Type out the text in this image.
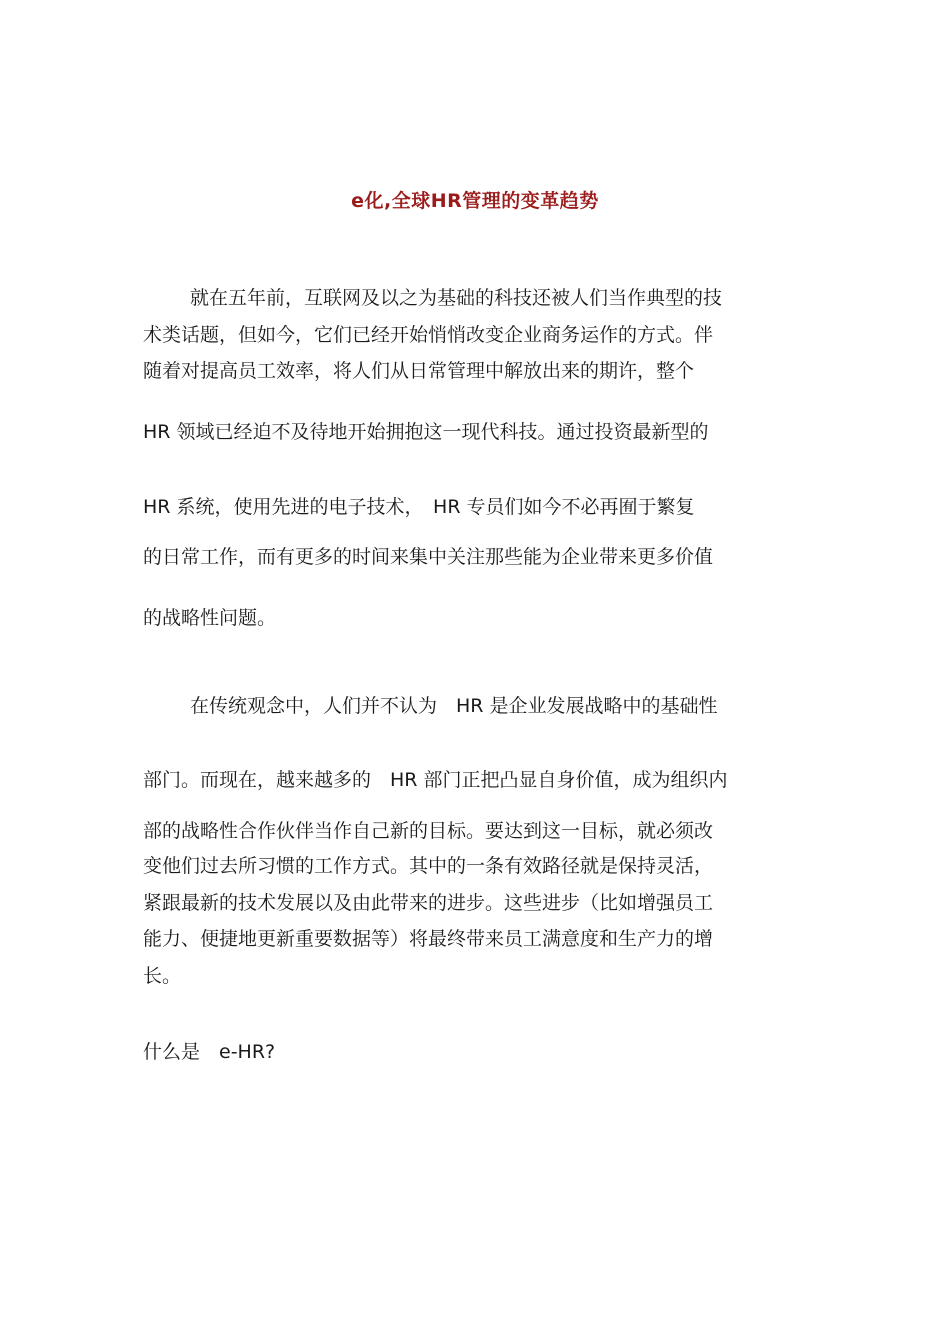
e化,全球HR管理的变革趋势
就在五年前，互联网及以之为基础的科技还被人们当作典型的技
术类话题，但如今，它们已经开始悄悄改变企业商务运作的方式。伴
随着对提高员工效率，将人们从日常管理中解放出来的期许，整个
HR 领域已经迫不及待地开始拥抱这一现代科技。通过投资最新型的
HR 系统，使用先进的电子技术，　HR 专员们如今不必再囿于繁复
的日常工作，而有更多的时间来集中关注那些能为企业带来更多价值
的战略性问题。
在传统观念中，人们并不认为　HR 是企业发展战略中的基础性
部门。而现在，越来越多的　HR 部门正把凸显自身价值，成为组织内
部的战略性合作伙伴当作自己新的目标。要达到这一目标，就必须改
变他们过去所习惯的工作方式。其中的一条有效路径就是保持灵活，
紧跟最新的技术发展以及由此带来的进步。这些进步（比如增强员工
能力、便捷地更新重要数据等）将最终带来员工满意度和生产力的增
长。
什么是　e-HR?
